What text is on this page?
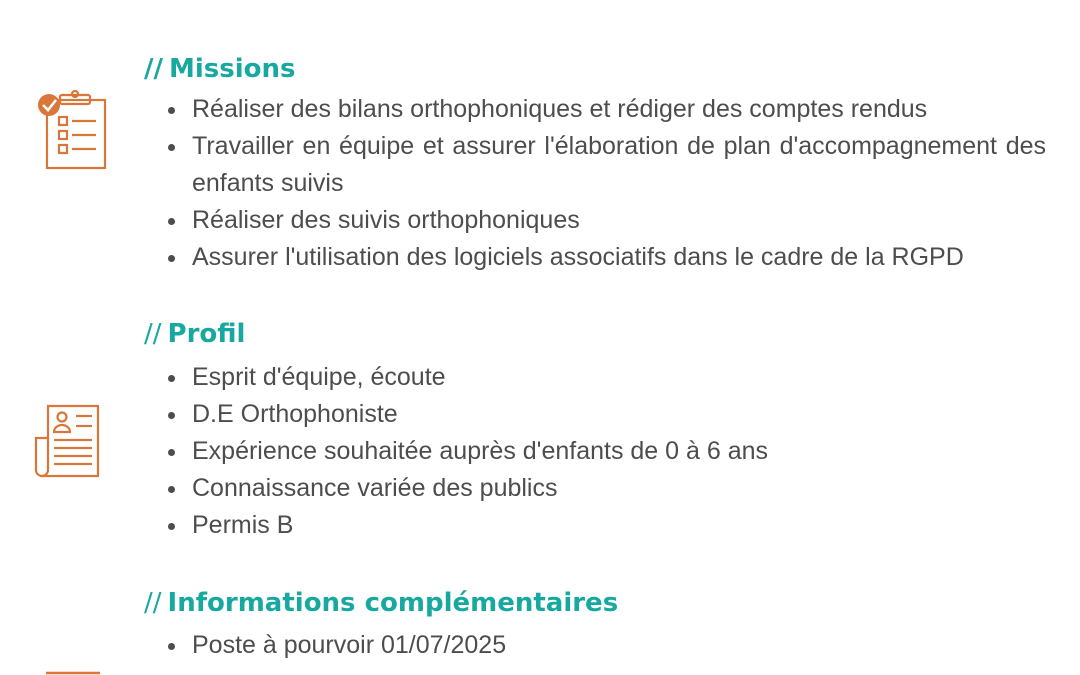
// Missions
Réaliser des bilans orthophoniques et rédiger des comptes rendus
Travailler en équipe et assurer l'élaboration de plan d'accompagnement des enfants suivis
Réaliser des suivis orthophoniques
Assurer l'utilisation des logiciels associatifs dans le cadre de la RGPD
// Profil
Esprit d'équipe, écoute
D.E Orthophoniste
Expérience souhaitée auprès d'enfants de 0 à 6 ans
Connaissance variée des publics
Permis B
// Informations complémentaires
Poste à pourvoir 01/07/2025
